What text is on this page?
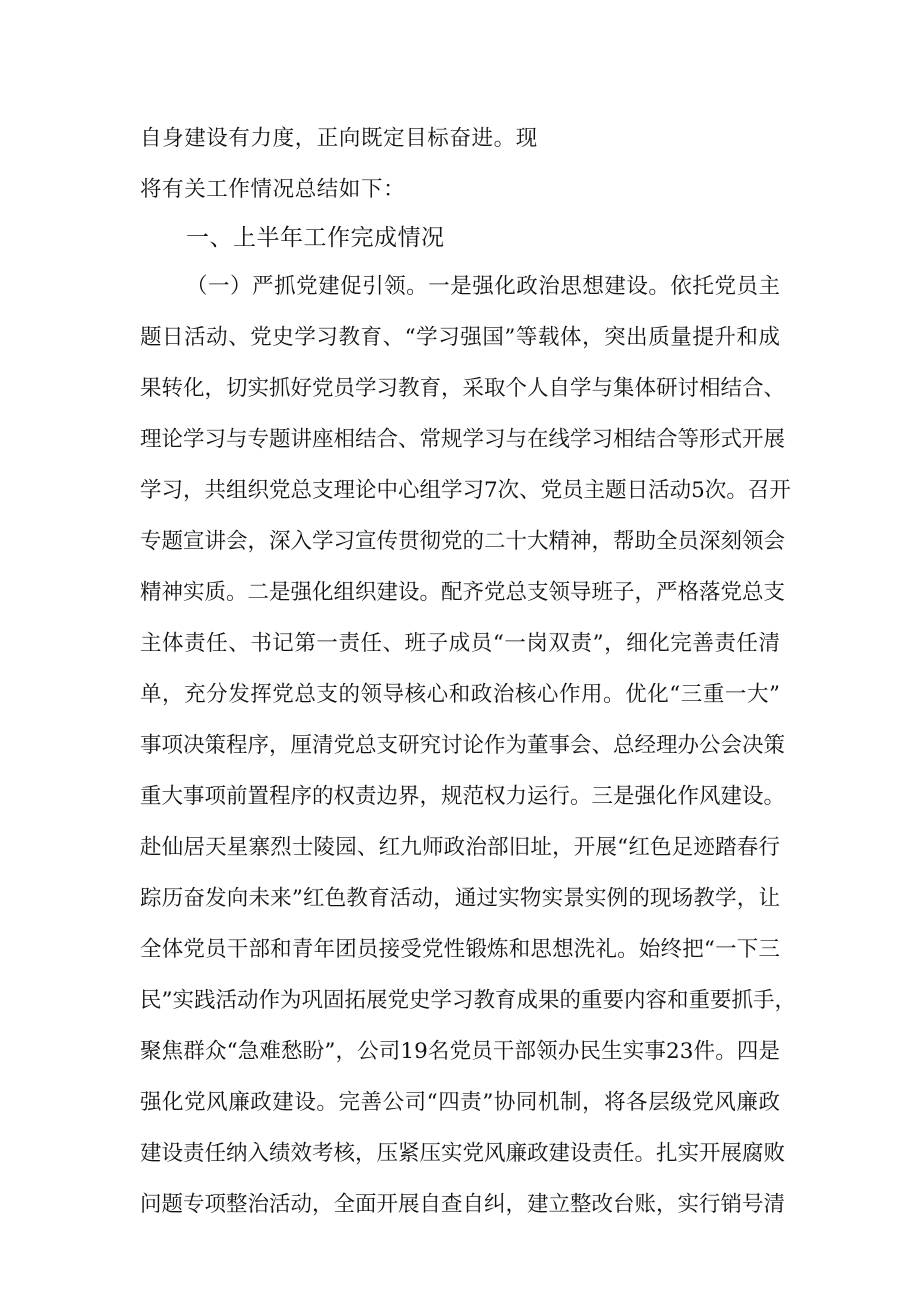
自身建设有力度，正向既定目标奋进。现
将有关工作情况总结如下：
一、上半年工作完成情况
（一）严抓党建促引领。一是强化政治思想建设。依托党员主
题日活动、党史学习教育、“学习强国”等载体，突出质量提升和成
果转化，切实抓好党员学习教育，采取个人自学与集体研讨相结合、
理论学习与专题讲座相结合、常规学习与在线学习相结合等形式开展
学习，共组织党总支理论中心组学习7次、党员主题日活动5次。召开
专题宣讲会，深入学习宣传贯彻党的二十大精神，帮助全员深刻领会
精神实质。二是强化组织建设。配齐党总支领导班子，严格落党总支
主体责任、书记第一责任、班子成员“一岗双责”，细化完善责任清
单，充分发挥党总支的领导核心和政治核心作用。优化“三重一大”
事项决策程序，厘清党总支研究讨论作为董事会、总经理办公会决策
重大事项前置程序的权责边界，规范权力运行。三是强化作风建设。
赴仙居天星寨烈士陵园、红九师政治部旧址，开展“红色足迹踏春行
踪历奋发向未来”红色教育活动，通过实物实景实例的现场教学，让
全体党员干部和青年团员接受党性锻炼和思想洗礼。始终把“一下三
民”实践活动作为巩固拓展党史学习教育成果的重要内容和重要抓手，
聚焦群众“急难愁盼”，公司19名党员干部领办民生实事23件。四是
强化党风廉政建设。完善公司“四责”协同机制，将各层级党风廉政
建设责任纳入绩效考核，压紧压实党风廉政建设责任。扎实开展腐败
问题专项整治活动，全面开展自查自纠，建立整改台账，实行销号清
